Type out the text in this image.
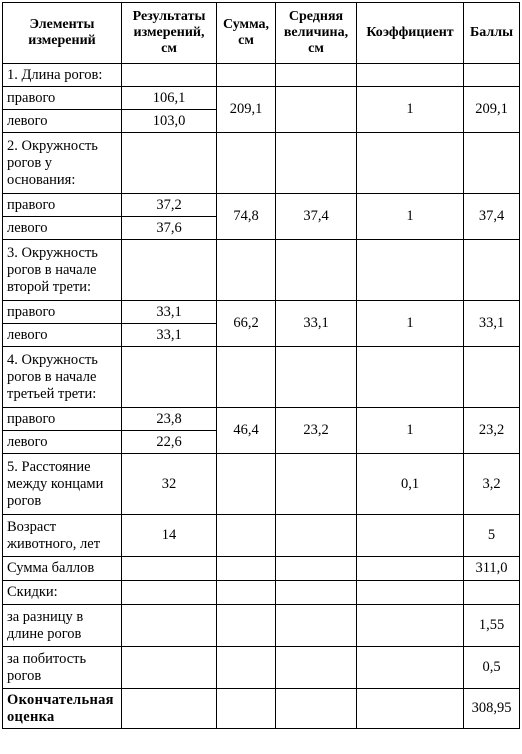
Элементы измерений	Результаты измерений, см	Сумма, см	Средняя величина, см	Коэффициент	Баллы
1. Длина рогов:					
правого	106,1	209,1		1	209,1
левого	103,0				
2. Окружность рогов у основания:					
правого	37,2	74,8	37,4	1	37,4
левого	37,6				
3. Окружность рогов в начале второй трети:					
правого	33,1	66,2	33,1	1	33,1
левого	33,1				
4. Окружность рогов в начале третьей трети:					
правого	23,8	46,4	23,2	1	23,2
левого	22,6				
5. Расстояние между концами рогов	32			0,1	3,2
Возраст животного, лет	14				5
Сумма баллов					311,0
Скидки:					
за разницу в длине рогов					1,55
за побитость рогов					0,5
Окончательная оценка					308,95
